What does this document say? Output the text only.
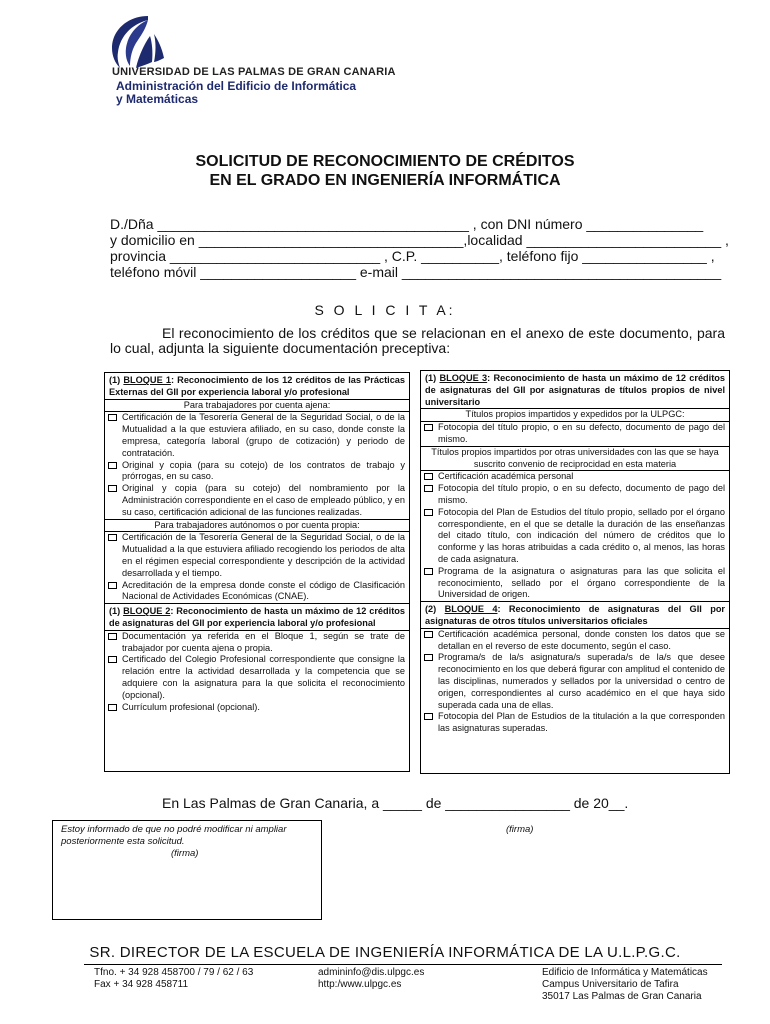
UNIVERSIDAD DE LAS PALMAS DE GRAN CANARIA
Administración del Edificio de Informática
y Matemáticas
SOLICITUD DE RECONOCIMIENTO DE CRÉDITOS
EN EL GRADO EN INGENIERÍA INFORMÁTICA
D./Dña ________________________________________ , con DNI número _______________
y domicilio en __________________________________,localidad _________________________ ,
provincia ___________________________ , C.P. __________, teléfono fijo ________________ ,
teléfono móvil ____________________ e-mail _________________________________________
S O L I C I T A:
El reconocimiento de los créditos que se relacionan en el anexo de este documento, para lo cual, adjunta la siguiente documentación preceptiva:
(1) BLOQUE 1: Reconocimiento de los 12 créditos de las Prácticas Externas del GII por experiencia laboral y/o profesional
Para trabajadores por cuenta ajena:
Certificación de la Tesorería General de la Seguridad Social, o de la Mutualidad a la que estuviera afiliado, en su caso, donde conste la empresa, categoría laboral (grupo de cotización) y periodo de contratación.
Original y copia (para su cotejo) de los contratos de trabajo y prórrogas, en su caso.
Original y copia (para su cotejo) del nombramiento por la Administración correspondiente en el caso de empleado público, y en su caso, certificación adicional de las funciones realizadas.
Para trabajadores autónomos o por cuenta propia:
Certificación de la Tesorería General de la Seguridad Social, o de la Mutualidad a la que estuviera afiliado recogiendo los periodos de alta en el régimen especial correspondiente y descripción de la actividad desarrollada y el tiempo.
Acreditación de la empresa donde conste el código de Clasificación Nacional de Actividades Económicas (CNAE).
(1) BLOQUE 2: Reconocimiento de hasta un máximo de 12 créditos de asignaturas del GII por experiencia laboral y/o profesional
Documentación ya referida en el Bloque 1, según se trate de trabajador por cuenta ajena o propia.
Certificado del Colegio Profesional correspondiente que consigne la relación entre la actividad desarrollada y la competencia que se adquiere con la asignatura para la que solicita el reconocimiento (opcional).
Currículum profesional (opcional).
(1) BLOQUE 3: Reconocimiento de hasta un máximo de 12 créditos de asignaturas del GII por asignaturas de títulos propios de nivel universitario
Títulos propios impartidos y expedidos por la ULPGC:
Fotocopia del título propio, o en su defecto, documento de pago del mismo.
Títulos propios impartidos por otras universidades con las que se haya suscrito convenio de reciprocidad en esta materia
Certificación académica personal
Fotocopia del título propio, o en su defecto, documento de pago del mismo.
Fotocopia del Plan de Estudios del título propio, sellado por el órgano correspondiente, en el que se detalle la duración de las enseñanzas del citado título, con indicación del número de créditos que lo conforme y las horas atribuidas a cada crédito o, al menos, las horas de cada asignatura.
Programa de la asignatura o asignaturas para las que solicita el reconocimiento, sellado por el órgano correspondiente de la Universidad de origen.
(2) BLOQUE 4: Reconocimiento de asignaturas del GII por asignaturas de otros títulos universitarios oficiales
Certificación académica personal, donde consten los datos que se detallan en el reverso de este documento, según el caso.
Programa/s de la/s asignatura/s superada/s de la/s que desee reconocimiento en los que deberá figurar con amplitud el contenido de las disciplinas, numerados y sellados por la universidad o centro de origen, correspondientes al curso académico en el que haya sido superada cada una de ellas.
Fotocopia del Plan de Estudios de la titulación a la que corresponden las asignaturas superadas.
En Las Palmas de Gran Canaria, a _____ de ________________ de 20__.
Estoy informado de que no podré modificar ni ampliar posteriormente esta solicitud.
(firma)
(firma)
SR. DIRECTOR DE LA ESCUELA DE INGENIERÍA INFORMÁTICA DE LA U.L.P.G.C.
Tfno. + 34 928 458700 / 79 / 62 / 63
Fax + 34 928 458711
admininfo@dis.ulpgc.es
http:/www.ulpgc.es
Edificio de Informática y Matemáticas
Campus Universitario de Tafira
35017 Las Palmas de Gran Canaria
